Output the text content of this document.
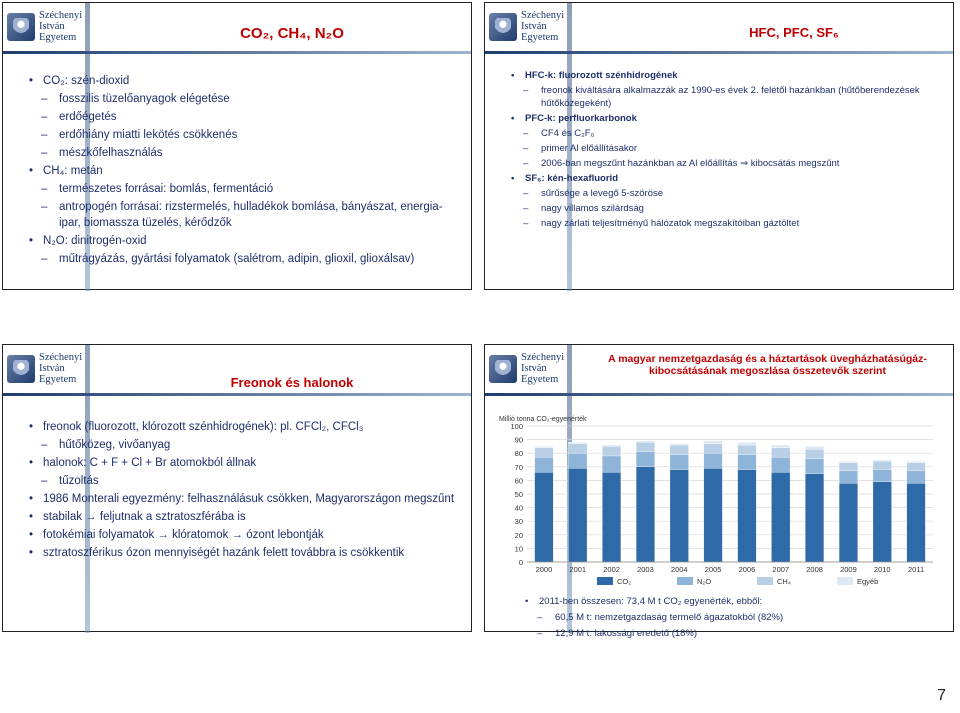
Széchenyi
István
Egyetem	CO₂, CH₄, N₂O
• CO₂: szén-dioxid
– fosszilis tüzelőanyagok elégetése
– erdőégetés
– erdőhiány miatti lekötés csökkenés
– mészkőfelhasználás
• CH₄: metán
– természetes forrásai: bomlás, fermentáció
– antropogén forrásai: rizstermelés, hulladékok bomlása, bányászat, energia-ipar, biomassza tüzelés, kérődzők
• N₂O: dinitrogén-oxid
– műtrágyázás, gyártási folyamatok (salétrom, adipin, glioxil, glioxálsav)
Széchenyi
István
Egyetem	HFC, PFC, SF₆
• HFC-k: fluorozott szénhidrogének
– freonok kiváltására alkalmazzák az 1990-es évek 2. felétől hazánkban (hűtőberendezések hűtőközegeként)
• PFC-k: perfluorkarbonok
– CF4 és C₂F₆
– primer Al előállításakor
– 2006-ban megszűnt hazánkban az Al előállítás ⇒ kibocsátás megszűnt
• SF₆: kén-hexafluorid
– sűrűsége a levegő 5-szöröse
– nagy villamos szilárdság
– nagy zárlati teljesítményű hálózatok megszakítóiban gáztöltet
Széchenyi
István
Egyetem	Freonok és halonok
• freonok (fluorozott, klórozott szénhidrogének): pl. CFCl₂, CFCl₃
– hűtőközeg, vivőanyag
• halonok: C + F + Cl + Br atomokból állnak
– tűzoltás
• 1986 Monterali egyezmény: felhasználásuk csökken, Magyarországon megszűnt
• stabilak → feljutnak a sztratoszférába is
• fotokémiai folyamatok → klóratomok → ózont lebontják
• sztratoszférikus ózon mennyiségét hazánk felett továbbra is csökkentik
Széchenyi
István
Egyetem
A magyar nemzetgazdaság és a háztartások üvegházhatásúgáz-kibocsátásának megoszlása összetevők szerint
Millió tonna CO₂-egyenérték
0
10
20
30
40
50
60
70
80
90
100
2000 2001 2002 2003 2004 2005 2006 2007 2008 2009 2010 2011
CO₂	N₂O	CH₄	Egyéb
• 2011-ben összesen: 73,4 M t CO₂ egyenérték, ebből:
– 60,5 M t: nemzetgazdaság termelő ágazatokból (82%)
– 12,9 M t: lakossági eredetű (18%)
7
